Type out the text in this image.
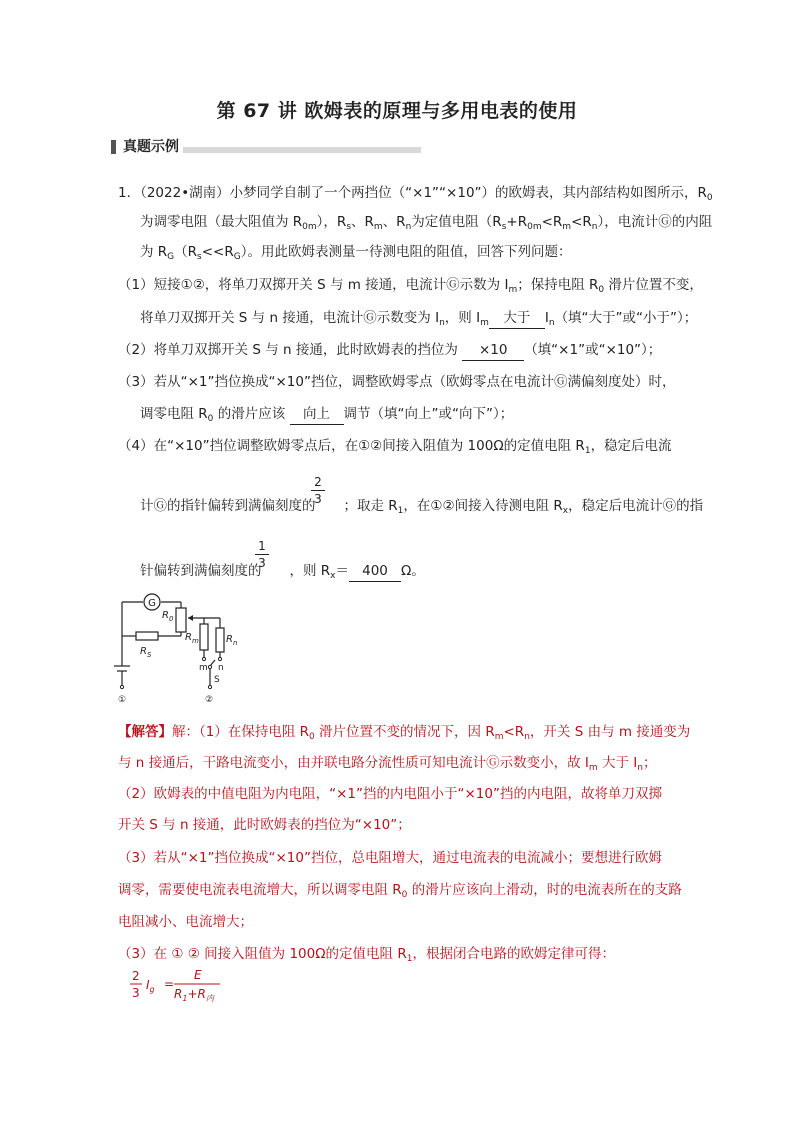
第 67 讲 欧姆表的原理与多用电表的使用
真题示例
1．（2022•湖南）小梦同学自制了一个两挡位（“×1”“×10”）的欧姆表，其内部结构如图所示，$R_0$
为调零电阻（最大阻值为 $R_{0m}$），$R_s$、$R_m$、$R_n$为定值电阻$(R_s+R_{0m}<R_m<R_n)$，电流计Ⓖ的内阻
为 $R_G(R_s<<R_G)$。用此欧姆表测量一待测电阻的阻值，回答下列问题：
（1）短接①②，将单刀双掷开关 S 与 m 接通，电流计Ⓖ示数为 $I_m$；保持电阻 $R_0$ 滑片位置不变，
将单刀双掷开关 S 与 n 接通，电流计Ⓖ示数变为 $I_n$，则 $I_m$ 大于 $I_n$（填“大于”或“小于”）；
（2）将单刀双掷开关 S 与 n 接通，此时欧姆表的挡位为 ×10 （填“×1”或“×10”）；
（3）若从“×1”挡位换成“×10”挡位，调整欧姆零点（欧姆零点在电流计Ⓖ满偏刻度处）时，
调零电阻 $R_0$ 的滑片应该 向上 调节（填“向上”或“向下”）；
（4）在“×10”挡位调整欧姆零点后，在①②间接入阻值为 100Ω的定值电阻 $R_1$，稳定后电流
2
3
计Ⓖ的指针偏转到满偏刻度的 ；取走 $R_1$，在①②间接入待测电阻 $R_x$，稳定后电流计Ⓖ的指
1
3
针偏转到满偏刻度的 ，则 $R_x= 400$ Ω。
G
$R_0$
$R_m$	$R_n$
$R_S$
m n
S
①	②
【解答】解：（1）在保持电阻 $R_0$ 滑片位置不变的情况下，因 $R_m<R_n$，开关 S 由与 m 接通变为
与 n 接通后，干路电流变小，由并联电路分流性质可知电流计Ⓖ示数变小，故 $I_m$ 大于 $I_n$；
（2）欧姆表的中值电阻为内电阻，“×1”挡的内电阻小于“×10”挡的内电阻，故将单刀双掷
开关 S 与 n 接通，此时欧姆表的挡位为“×10”；
（3）若从“×1”挡位换成“×10”挡位，总电阻增大，通过电流表的电流减小；要想进行欧姆
调零，需要使电流表电流增大，所以调零电阻 $R_0$ 的滑片应该向上滑动，时的电流表所在的支路
电阻减小、电流增大；
（3）在 ① ② 间接入阻值为 100Ω的定值电阻 $R_1$，根据闭合电路的欧姆定律可得：
2
3
$I_g$ =
E
$R_1+R_内$
